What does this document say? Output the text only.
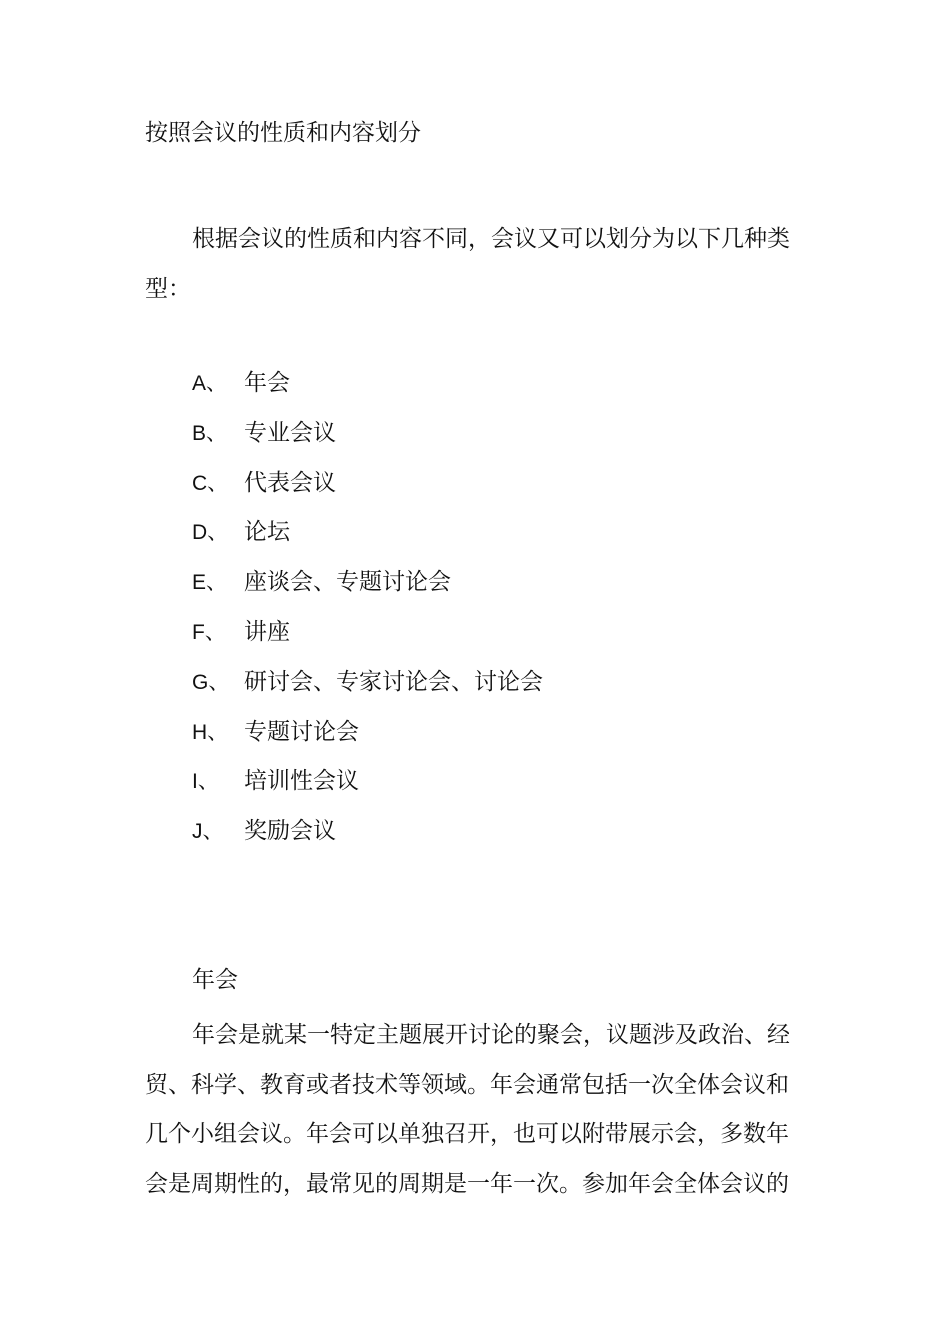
按照会议的性质和内容划分
根据会议的性质和内容不同，会议又可以划分为以下几种类
型：
A、 年会
B、 专业会议
C、 代表会议
D、 论坛
E、 座谈会、专题讨论会
F、 讲座
G、 研讨会、专家讨论会、讨论会
H、 专题讨论会
I、 培训性会议
J、 奖励会议
年会
年会是就某一特定主题展开讨论的聚会，议题涉及政治、经
贸、科学、教育或者技术等领域。年会通常包括一次全体会议和
几个小组会议。年会可以单独召开，也可以附带展示会，多数年
会是周期性的，最常见的周期是一年一次。参加年会全体会议的
